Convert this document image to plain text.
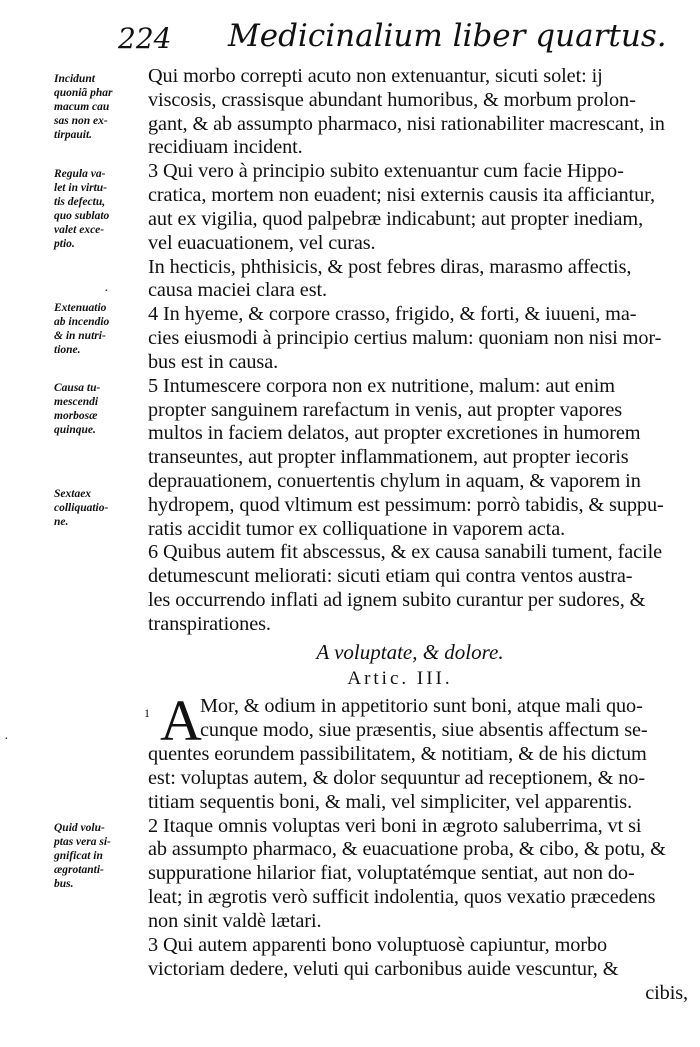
224 Medicinalium liber quartus.
Incidunt
quoniã phar
macum cau
sas non ex-
tirpauit.
Regula va-
let in virtu-
tis defectu,
quo sublato
valet exce-
ptio.
Extenuatio
ab incendio
& in nutri-
tione.
Causa tu-
mescendi
morbosæ
quinque.
Sextaex
colliquatio-
ne.
Quid volu-
ptas vera si-
gnificat in
ægrotanti-
bus.
·
·
Qui morbo correpti acuto non extenuantur, sicuti solet: ij
viscosis, crassisque abundant humoribus, & morbum prolon-
gant, & ab assumpto pharmaco, nisi rationabiliter macrescant, in
recidiuam incident.
3 Qui vero à principio subito extenuantur cum facie Hippo-
cratica, mortem non euadent; nisi externis causis ita afficiantur,
aut ex vigilia, quod palpebræ indicabunt; aut propter inediam,
vel euacuationem, vel curas.
In hecticis, phthisicis, & post febres diras, marasmo affectis,
causa maciei clara est.
4 In hyeme, & corpore crasso, frigido, & forti, & iuueni, ma-
cies eiusmodi à principio certius malum: quoniam non nisi mor-
bus est in causa.
5 Intumescere corpora non ex nutritione, malum: aut enim
propter sanguinem rarefactum in venis, aut propter vapores
multos in faciem delatos, aut propter excretiones in humorem
transeuntes, aut propter inflammationem, aut propter iecoris
deprauationem, conuertentis chylum in aquam, & vaporem in
hydropem, quod vltimum est pessimum: porrò tabidis, & suppu-
ratis accidit tumor ex colliquatione in vaporem acta.
6 Quibus autem fit abscessus, & ex causa sanabili tument, facile
detumescunt meliorati: sicuti etiam qui contra ventos austra-
les occurrendo inflati ad ignem subito curantur per sudores, &
transpirationes.
A voluptate, & dolore.
Artic. III.
1 A
Mor, & odium in appetitorio sunt boni, atque mali quo-
cunque modo, siue præsentis, siue absentis affectum se-
quentes eorundem passibilitatem, & notitiam, & de his dictum
est: voluptas autem, & dolor sequuntur ad receptionem, & no-
titiam sequentis boni, & mali, vel simpliciter, vel apparentis.
2 Itaque omnis voluptas veri boni in ægroto saluberrima, vt si
ab assumpto pharmaco, & euacuatione proba, & cibo, & potu, &
suppuratione hilarior fiat, voluptatémque sentiat, aut non do-
leat; in ægrotis verò sufficit indolentia, quos vexatio præcedens
non sinit valdè lætari.
3 Qui autem apparenti bono voluptuosè capiuntur, morbo
victoriam dedere, veluti qui carbonibus auide vescuntur, &
cibis,
